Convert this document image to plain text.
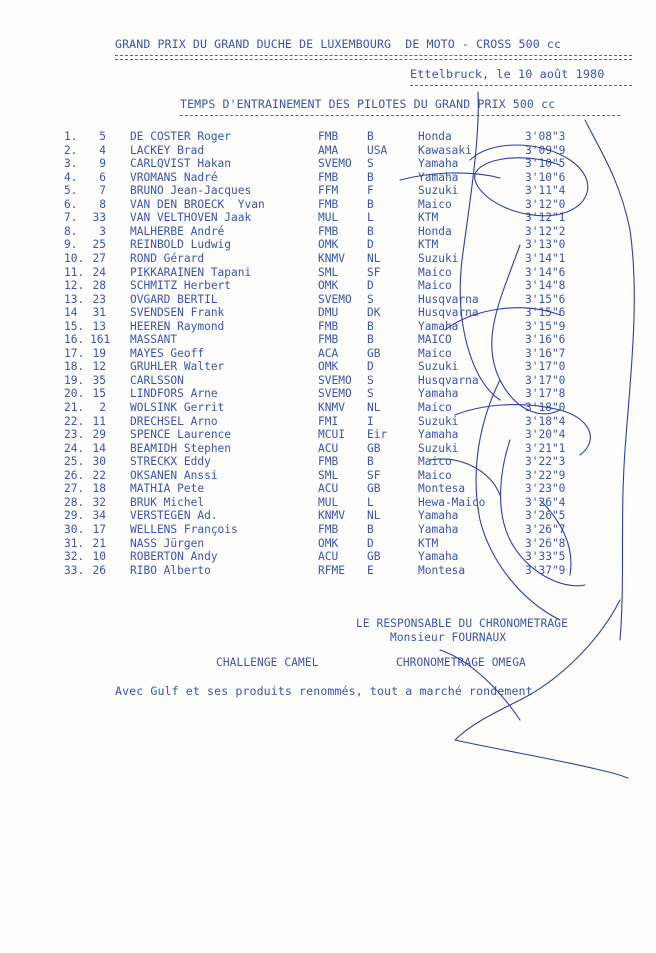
GRAND PRIX DU GRAND DUCHE DE LUXEMBOURG  DE MOTO - CROSS 500 cc
Ettelbruck, le 10 août 1980
TEMPS D'ENTRAINEMENT DES PILOTES DU GRAND PRIX 500 cc
1.	5 DE COSTER Roger	FMB	B	Honda	3'08"3
2.	4 LACKEY Brad	AMA	USA	Kawasaki	3'09"9
3.	9 CARLQVIST Hakan	SVEMO S	Yamaha	3'10"5
4.	6 VROMANS Nadré	FMB	B	Yamaha	3'10"6
5.	7 BRUNO Jean-Jacques	FFM	F	Suzuki	3'11"4
6.	8 VAN DEN BROECK  Yvan	FMB	B	Maico	3'12"0
7. 33 VAN VELTHOVEN Jaak	MUL	L	KTM	3'12"1
8.	3 MALHERBE André	FMB	B	Honda	3'12"2
9. 25 REINBOLD Ludwig	OMK	D	KTM	3'13"0
10. 27 ROND Gérard	KNMV NL	Suzuki	3'14"1
11. 24 PIKKARAINEN Tapani	SML	SF	Maico	3'14"6
12. 28 SCHMITZ Herbert	OMK	D	Maico	3'14"8
13. 23 OVGARD BERTIL	SVEMO S	Husqvarna	3'15"6
14 31 SVENDSEN Frank	DMU	DK	Husqvarna	3'15"6
15. 13 HEEREN Raymond	FMB	B	Yamaha	3'15"9
16. 161 MASSANT	FMB	B	MAICO	3'16"6
17. 19 MAYES Geoff	ACA	GB	Maico	3'16"7
18. 12 GRUHLER Walter	OMK	D	Suzuki	3'17"0
19. 35 CARLSSON	SVEMO S	Husqvarna	3'17"0
20. 15 LINDFORS Arne	SVEMO S	Yamaha	3'17"8
21.	2 WOLSINK Gerrit	KNMV NL	Maico	3'18"0
22. 11 DRECHSEL Arno	FMI	I	Suzuki	3'18"4
23. 29 SPENCE Laurence	MCUI Eir	Yamaha	3'20"4
24. 14 BEAMIDH Stephen	ACU	GB	Suzuki	3'21"1
25. 30 STRECKX Eddy	FMB	B	Maico	3'22"3
26. 22 OKSANEN Anssi	SML	SF	Maico	3'22"9
27. 18 MATHIA Pete	ACU	GB	Montesa	3'23"0
28. 32 BRUK Michel	MUL	L	Hewa-Maico	3'26"4
29. 34 VERSTEGEN Ad.	KNMV NL	Yamaha	3'26"5
30. 17 WELLENS François	FMB	B	Yamaha	3'26"7
31. 21 NASS Jürgen	OMK	D	KTM	3'26"8
32. 10 ROBERTON Andy	ACU	GB	Yamaha	3'33"5
33. 26 RIBO Alberto	RFME E	Montesa	3'37"9
LE RESPONSABLE DU CHRONOMETRAGE
Monsieur FOURNAUX
CHALLENGE CAMEL	CHRONOMETRAGE OMEGA
Avec Gulf et ses produits renommés, tout a marché rondement
